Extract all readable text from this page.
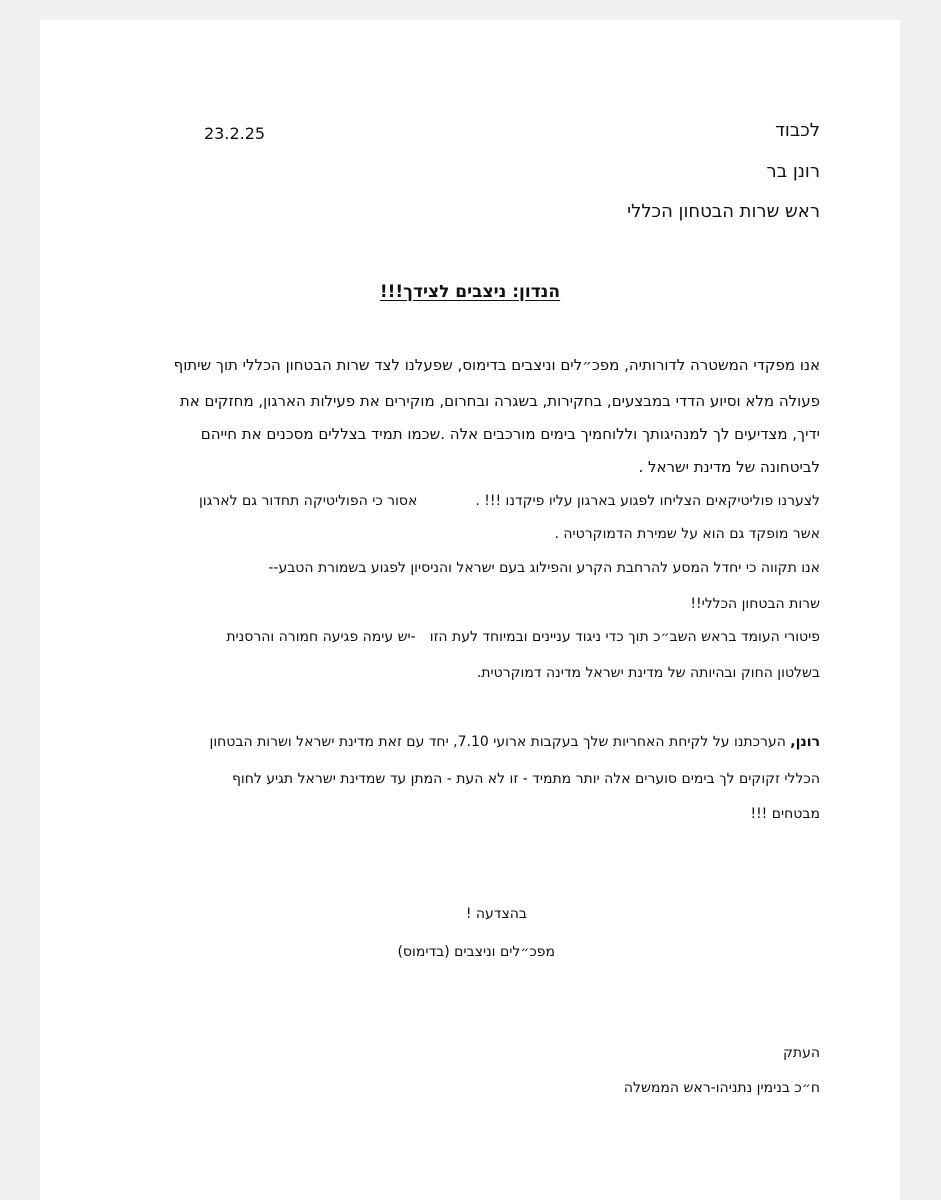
23.2.25	לכבוד

רונן בר

ראש שרות הבטחון הכללי

הנדון: ניצבים לצידך!!!

אנו מפקדי המשטרה לדורותיה, מפכ״לים וניצבים בדימוס, שפעלנו לצד שרות הבטחון הכללי תוך שיתוף

פעולה מלא וסיוע הדדי במבצעים, בחקירות, בשגרה ובחרום, מוקירים את פעילות הארגון, מחזקים את

ידיך, מצדיעים לך למנהיגותך וללוחמיך בימים מורכבים אלה .שכמו תמיד בצללים מסכנים את חייהם

לביטחונה של מדינת ישראל .

לצערנו פוליטיקאים הצליחו לפגוע בארגון עליו פיקדנו !!! .אסור כי הפוליטיקה תחדור גם לארגון

אשר מופקד גם הוא על שמירת הדמוקרטיה .

אנו תקווה כי יחדל המסע להרחבת הקרע והפילוג בעם ישראל והניסיון לפגוע בשמורת הטבע--

שרות הבטחון הכללי!!

פיטורי העומד בראש השב״כ תוך כדי ניגוד עניינים ובמיוחד לעת הזו-יש עימה פגיעה חמורה והרסנית

בשלטון החוק ובהיותה של מדינת ישראל מדינה דמוקרטית.

רונן, הערכתנו על לקיחת האחריות שלך בעקבות ארועי 7.10, יחד עם זאת מדינת ישראל ושרות הבטחון

הכללי זקוקים לך בימים סוערים אלה יותר מתמיד - זו לא העת - המתן עד שמדינת ישראל תגיע לחוף

מבטחים !!!

בהצדעה !

מפכ״לים וניצבים (בדימוס)

העתק

ח״כ בנימין נתניהו-ראש הממשלה
